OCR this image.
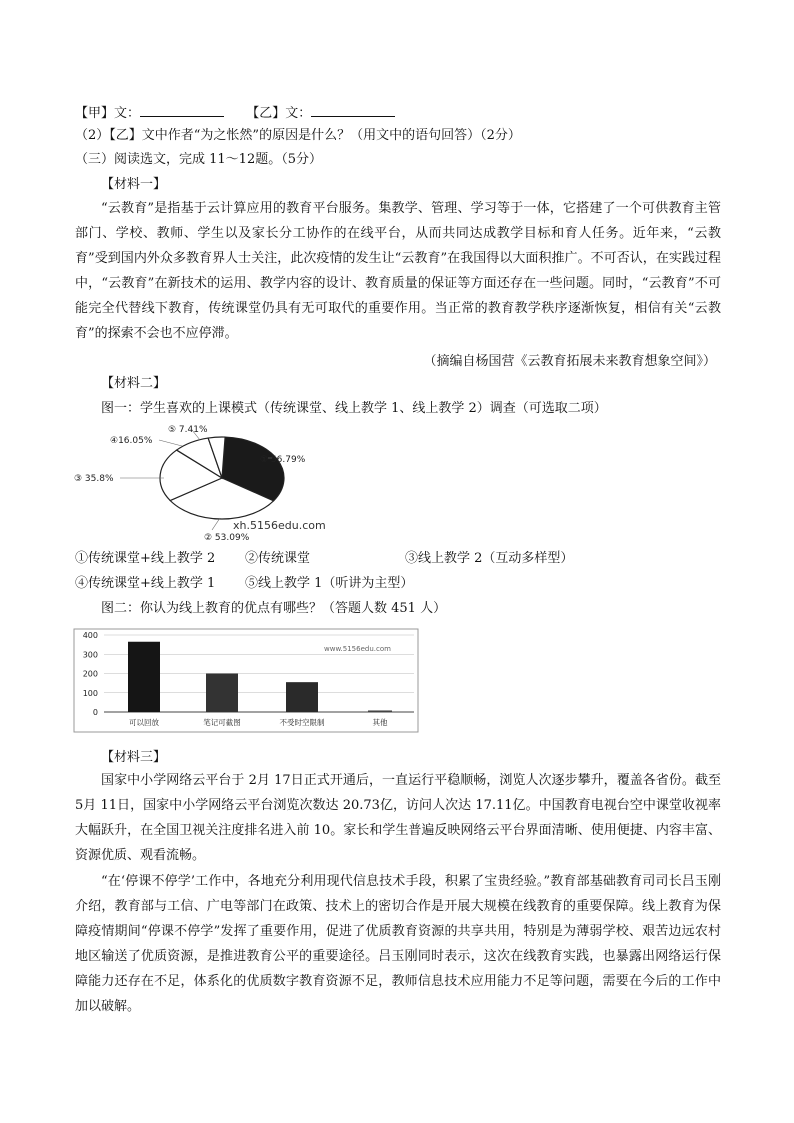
【甲】文：	【乙】文：
（2）【乙】文中作者“为之怅然”的原因是什么？（用文中的语句回答）（2分）
（三）阅读选文，完成 11～12题。（5分）
【材料一】
“云教育”是指基于云计算应用的教育平台服务。集教学、管理、学习等于一体，它搭建了一个可供教育主管部门、学校、教师、学生以及家长分工协作的在线平台，从而共同达成教学目标和育人任务。近年来，“云教育”受到国内外众多教育界人士关注，此次疫情的发生让“云教育”在我国得以大面积推广。不可否认，在实践过程中，“云教育”在新技术的运用、教学内容的设计、教育质量的保证等方面还存在一些问题。同时，“云教育”不可能完全代替线下教育，传统课堂仍具有无可取代的重要作用。当正常的教育教学秩序逐渐恢复，相信有关“云教育”的探索不会也不应停滞。
（摘编自杨国营《云教育拓展未来教育想象空间》）
【材料二】
图一：学生喜欢的上课模式（传统课堂、线上教学 1、线上教学 2）调查（可选取二项）
① 56.79%
② 53.09%
③ 35.8%
④16.05%
⑤ 7.41%
xh.5156edu.com
①传统课堂+线上教学 2 ②传统课堂	③线上教学 2（互动多样型）
④传统课堂+线上教学 1 ⑤线上教学 1（听讲为主型）
图二：你认为线上教育的优点有哪些？（答题人数 451 人）
0
100
200
300
400
可以回放	笔记可截图	不受时空限制	其他
www.5156edu.com
【材料三】
国家中小学网络云平台于 2月 17日正式开通后，一直运行平稳顺畅，浏览人次逐步攀升，覆盖各省份。截至 5月 11日，国家中小学网络云平台浏览次数达 20.73亿，访问人次达 17.11亿。中国教育电视台空中课堂收视率大幅跃升，在全国卫视关注度排名进入前 10。家长和学生普遍反映网络云平台界面清晰、使用便捷、内容丰富、资源优质、观看流畅。
“在‘停课不停学’工作中，各地充分利用现代信息技术手段，积累了宝贵经验。”教育部基础教育司司长吕玉刚介绍，教育部与工信、广电等部门在政策、技术上的密切合作是开展大规模在线教育的重要保障。线上教育为保障疫情期间“停课不停学”发挥了重要作用，促进了优质教育资源的共享共用，特别是为薄弱学校、艰苦边远农村地区输送了优质资源，是推进教育公平的重要途径。吕玉刚同时表示，这次在线教育实践，也暴露出网络运行保障能力还存在不足，体系化的优质数字教育资源不足，教师信息技术应用能力不足等问题，需要在今后的工作中加以破解。
